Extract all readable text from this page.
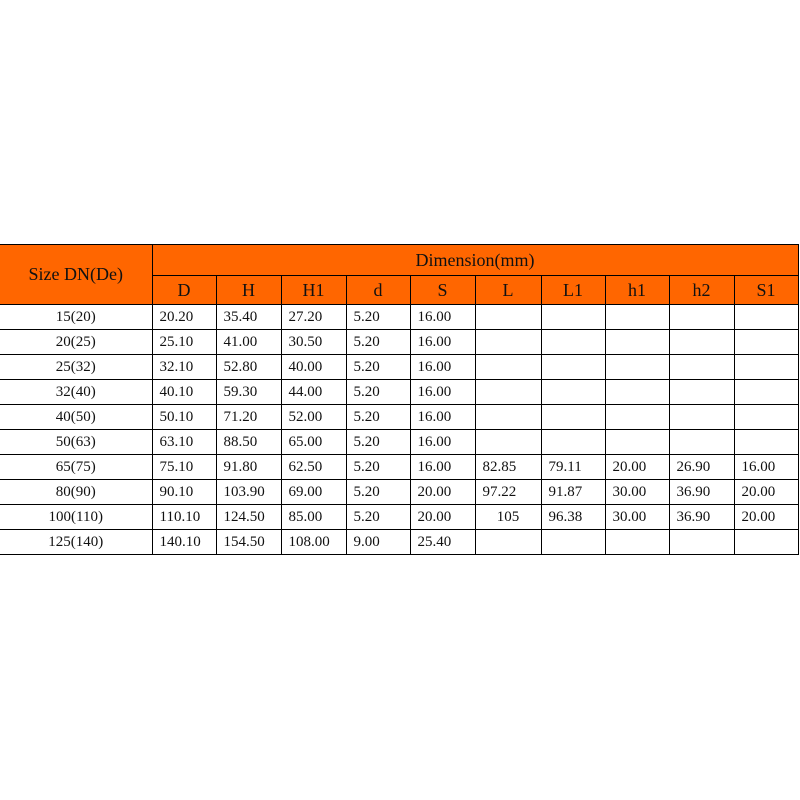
Size DN(De)	Dimension(mm)									
	D	H	H1	d	S	L	L1	h1	h2	S1
15(20)	20.20	35.40	27.20	5.20	16.00					
20(25)	25.10	41.00	30.50	5.20	16.00					
25(32)	32.10	52.80	40.00	5.20	16.00					
32(40)	40.10	59.30	44.00	5.20	16.00					
40(50)	50.10	71.20	52.00	5.20	16.00					
50(63)	63.10	88.50	65.00	5.20	16.00					
65(75)	75.10	91.80	62.50	5.20	16.00	82.85	79.11	20.00	26.90	16.00
80(90)	90.10	103.90	69.00	5.20	20.00	97.22	91.87	30.00	36.90	20.00
100(110)	110.10	124.50	85.00	5.20	20.00	105	96.38	30.00	36.90	20.00
125(140)	140.10	154.50	108.00	9.00	25.40					
